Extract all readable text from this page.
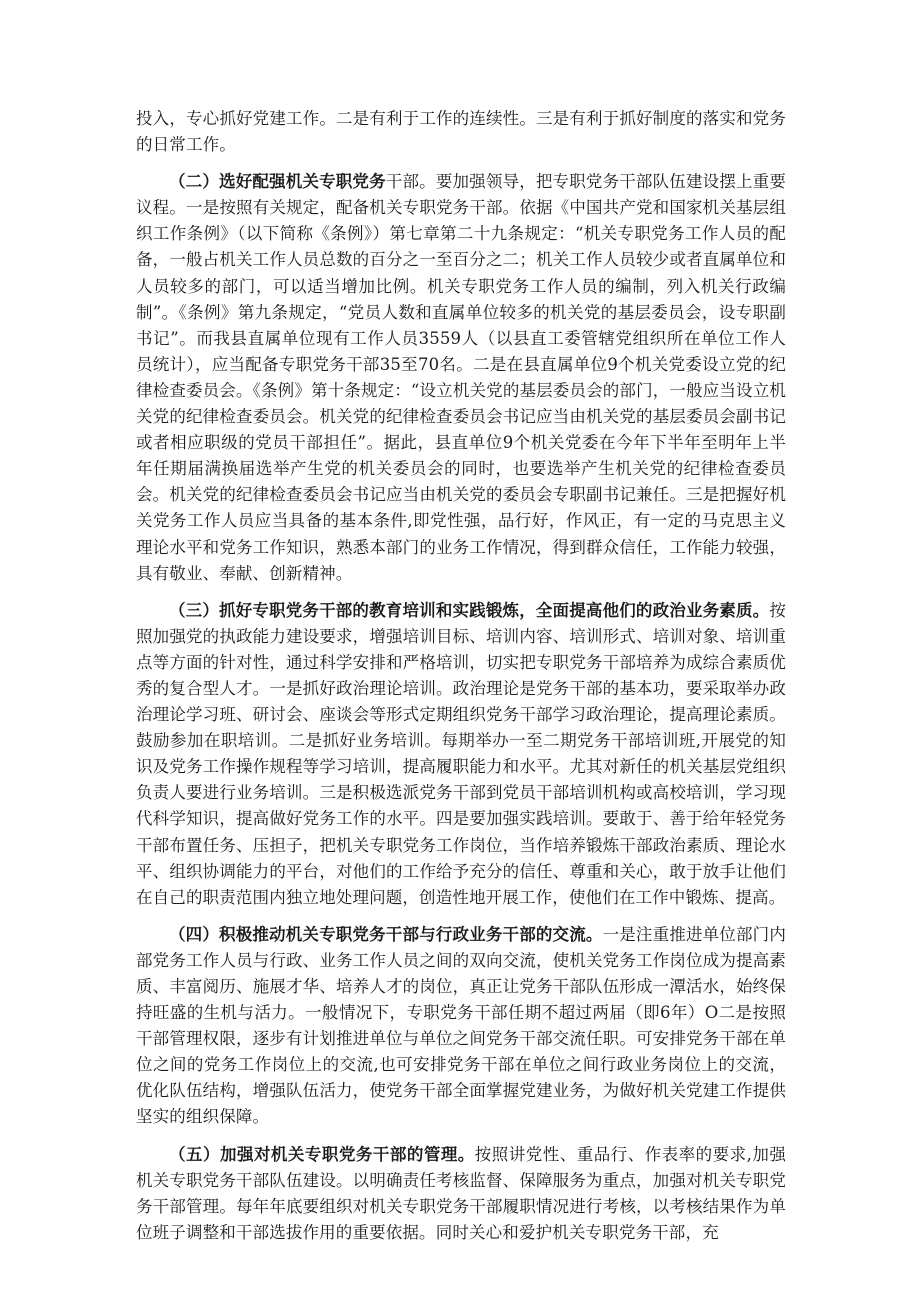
投入，专心抓好党建工作。二是有利于工作的连续性。三是有利于抓好制度的落实和党务的日常工作。

（二）选好配强机关专职党务干部。要加强领导，把专职党务干部队伍建设摆上重要议程。一是按照有关规定，配备机关专职党务干部。依据《中国共产党和国家机关基层组织工作条例》（以下简称《条例》）第七章第二十九条规定：“机关专职党务工作人员的配备，一般占机关工作人员总数的百分之一至百分之二；机关工作人员较少或者直属单位和人员较多的部门，可以适当增加比例。机关专职党务工作人员的编制，列入机关行政编制”。《条例》第九条规定，“党员人数和直属单位较多的机关党的基层委员会，设专职副书记”。而我县直属单位现有工作人员3559人（以县直工委管辖党组织所在单位工作人员统计），应当配备专职党务干部35至70名。二是在县直属单位9个机关党委设立党的纪律检查委员会。《条例》第十条规定：“设立机关党的基层委员会的部门，一般应当设立机关党的纪律检查委员会。机关党的纪律检查委员会书记应当由机关党的基层委员会副书记或者相应职级的党员干部担任”。据此，县直单位9个机关党委在今年下半年至明年上半年任期届满换届选举产生党的机关委员会的同时，也要选举产生机关党的纪律检查委员会。机关党的纪律检查委员会书记应当由机关党的委员会专职副书记兼任。三是把握好机关党务工作人员应当具备的基本条件,即党性强，品行好，作风正，有一定的马克思主义理论水平和党务工作知识，熟悉本部门的业务工作情况，得到群众信任，工作能力较强，具有敬业、奉献、创新精神。

（三）抓好专职党务干部的教育培训和实践锻炼，全面提高他们的政治业务素质。按照加强党的执政能力建设要求，增强培训目标、培训内容、培训形式、培训对象、培训重点等方面的针对性，通过科学安排和严格培训，切实把专职党务干部培养为成综合素质优秀的复合型人才。一是抓好政治理论培训。政治理论是党务干部的基本功，要采取举办政治理论学习班、研讨会、座谈会等形式定期组织党务干部学习政治理论，提高理论素质。鼓励参加在职培训。二是抓好业务培训。每期举办一至二期党务干部培训班,开展党的知识及党务工作操作规程等学习培训，提高履职能力和水平。尤其对新任的机关基层党组织负责人要进行业务培训。三是积极选派党务干部到党员干部培训机构或高校培训，学习现代科学知识，提高做好党务工作的水平。四是要加强实践培训。要敢于、善于给年轻党务干部布置任务、压担子，把机关专职党务工作岗位，当作培养锻炼干部政治素质、理论水平、组织协调能力的平台，对他们的工作给予充分的信任、尊重和关心，敢于放手让他们在自己的职责范围内独立地处理问题，创造性地开展工作，使他们在工作中锻炼、提高。

（四）积极推动机关专职党务干部与行政业务干部的交流。一是注重推进单位部门内部党务工作人员与行政、业务工作人员之间的双向交流，使机关党务工作岗位成为提高素质、丰富阅历、施展才华、培养人才的岗位，真正让党务干部队伍形成一潭活水，始终保持旺盛的生机与活力。一般情况下，专职党务干部任期不超过两届（即6年）O二是按照干部管理权限，逐步有计划推进单位与单位之间党务干部交流任职。可安排党务干部在单位之间的党务工作岗位上的交流,也可安排党务干部在单位之间行政业务岗位上的交流，优化队伍结构，增强队伍活力，使党务干部全面掌握党建业务，为做好机关党建工作提供坚实的组织保障。

（五）加强对机关专职党务干部的管理。按照讲党性、重品行、作表率的要求,加强机关专职党务干部队伍建设。以明确责任考核监督、保障服务为重点，加强对机关专职党务干部管理。每年年底要组织对机关专职党务干部履职情况进行考核，以考核结果作为单位班子调整和干部选拔作用的重要依据。同时关心和爱护机关专职党务干部，充
